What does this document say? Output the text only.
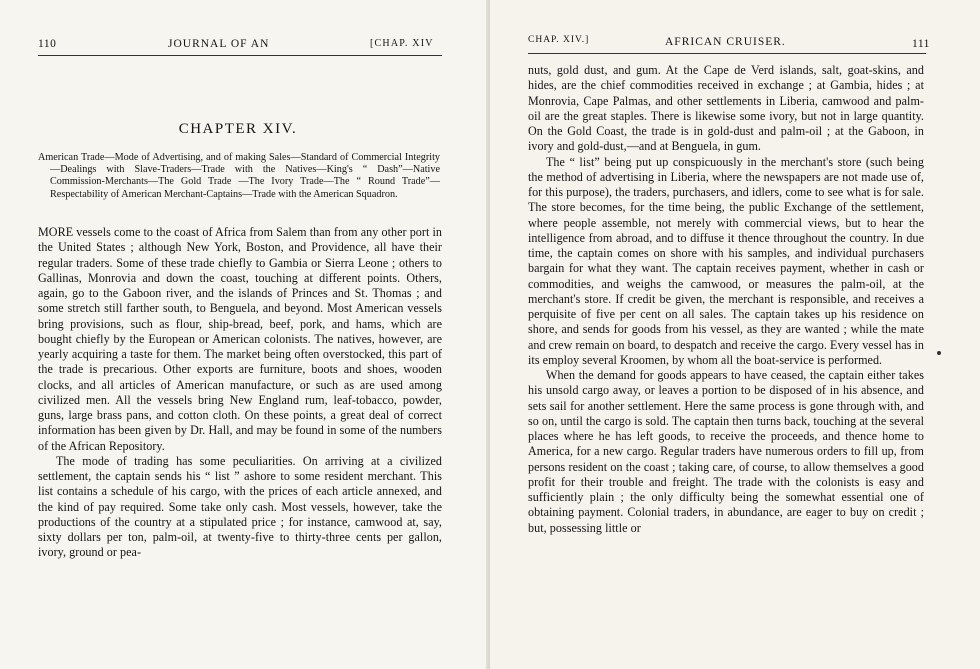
110	JOURNAL OF AN	[CHAP. XIV
CHAPTER XIV.

American Trade—Mode of Advertising, and of making Sales—Standard of Commercial Integrity—Dealings with Slave-Traders—Trade with the Natives—King's “ Dash”—Native Commission-Merchants—The Gold Trade —The Ivory Trade—The “ Round Trade”—Respectability of American Merchant-Captains—Trade with the American Squadron.

MORE vessels come to the coast of Africa from Salem than from any other port in the United States ; although New York, Boston, and Providence, all have their regular traders. Some of these trade chiefly to Gambia or Sierra Leone ; others to Gallinas, Monrovia and down the coast, touching at different points. Others, again, go to the Gaboon river, and the islands of Princes and St. Thomas ; and some stretch still farther south, to Benguela, and beyond. Most American vessels bring provisions, such as flour, ship-bread, beef, pork, and hams, which are bought chiefly by the European or American colonists. The natives, however, are yearly acquiring a taste for them. The market being often overstocked, this part of the trade is precarious. Other exports are furniture, boots and shoes, wooden clocks, and all articles of American manufacture, or such as are used among civilized men. All the vessels bring New England rum, leaf-tobacco, powder, guns, large brass pans, and cotton cloth. On these points, a great deal of correct information has been given by Dr. Hall, and may be found in some of the numbers of the African Repository.

The mode of trading has some peculiarities. On arriving at a civilized settlement, the captain sends his “ list ” ashore to some resident merchant. This list contains a schedule of his cargo, with the prices of each article annexed, and the kind of pay required. Some take only cash. Most vessels, however, take the productions of the country at a stipulated price ; for instance, camwood at, say, sixty dollars per ton, palm-oil, at twenty-five to thirty-three cents per gallon, ivory, ground or pea-

CHAP. XIV.]	AFRICAN CRUISER.	111

nuts, gold dust, and gum. At the Cape de Verd islands, salt, goat-skins, and hides, are the chief commodities received in exchange ; at Gambia, hides ; at Monrovia, Cape Palmas, and other settlements in Liberia, camwood and palm-oil are the great staples. There is likewise some ivory, but not in large quantity. On the Gold Coast, the trade is in gold-dust and palm-oil ; at the Gaboon, in ivory and gold-dust,—and at Benguela, in gum.

The “ list” being put up conspicuously in the merchant's store (such being the method of advertising in Liberia, where the newspapers are not made use of, for this purpose), the traders, purchasers, and idlers, come to see what is for sale. The store becomes, for the time being, the public Exchange of the settlement, where people assemble, not merely with commercial views, but to hear the intelligence from abroad, and to diffuse it thence throughout the country. In due time, the captain comes on shore with his samples, and individual purchasers bargain for what they want. The captain receives payment, whether in cash or commodities, and weighs the camwood, or measures the palm-oil, at the merchant's store. If credit be given, the merchant is responsible, and receives a perquisite of five per cent on all sales. The captain takes up his residence on shore, and sends for goods from his vessel, as they are wanted ; while the mate and crew remain on board, to despatch and receive the cargo. Every vessel has in its employ several Kroomen, by whom all the boat-service is performed.

When the demand for goods appears to have ceased, the captain either takes his unsold cargo away, or leaves a portion to be disposed of in his absence, and sets sail for another settlement. Here the same process is gone through with, and so on, until the cargo is sold. The captain then turns back, touching at the several places where he has left goods, to receive the proceeds, and thence home to America, for a new cargo. Regular traders have numerous orders to fill up, from persons resident on the coast ; taking care, of course, to allow themselves a good profit for their trouble and freight. The trade with the colonists is easy and sufficiently plain ; the only difficulty being the somewhat essential one of obtaining payment. Colonial traders, in abundance, are eager to buy on credit ; but, possessing little or
